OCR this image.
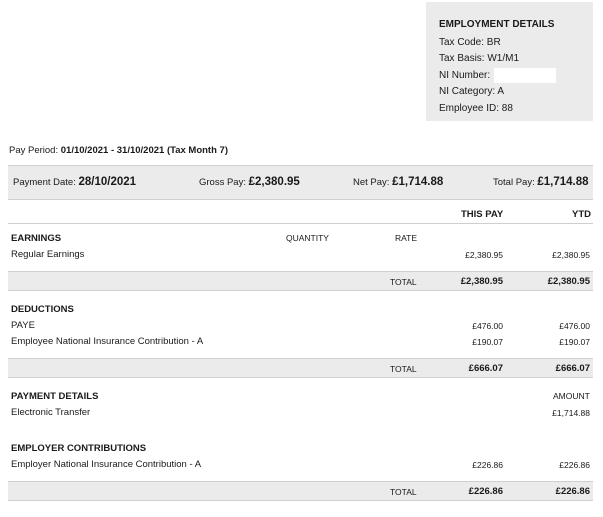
EMPLOYMENT DETAILS
Tax Code: BR
Tax Basis: W1/M1
NI Number:
NI Category: A
Employee ID: 88
Pay Period: 01/10/2021 - 31/10/2021 (Tax Month 7)
Payment Date: 28/10/2021	Gross Pay: £2,380.95	Net Pay: £1,714.88	Total Pay: £1,714.88
THIS PAY	YTD
EARNINGS	QUANTITY	RATE
Regular Earnings	£2,380.95	£2,380.95
TOTAL	£2,380.95	£2,380.95
DEDUCTIONS
PAYE	£476.00	£476.00
Employee National Insurance Contribution - A	£190.07	£190.07
TOTAL	£666.07	£666.07
PAYMENT DETAILS	AMOUNT
Electronic Transfer	£1,714.88
EMPLOYER CONTRIBUTIONS
Employer National Insurance Contribution - A	£226.86	£226.86
TOTAL	£226.86	£226.86
